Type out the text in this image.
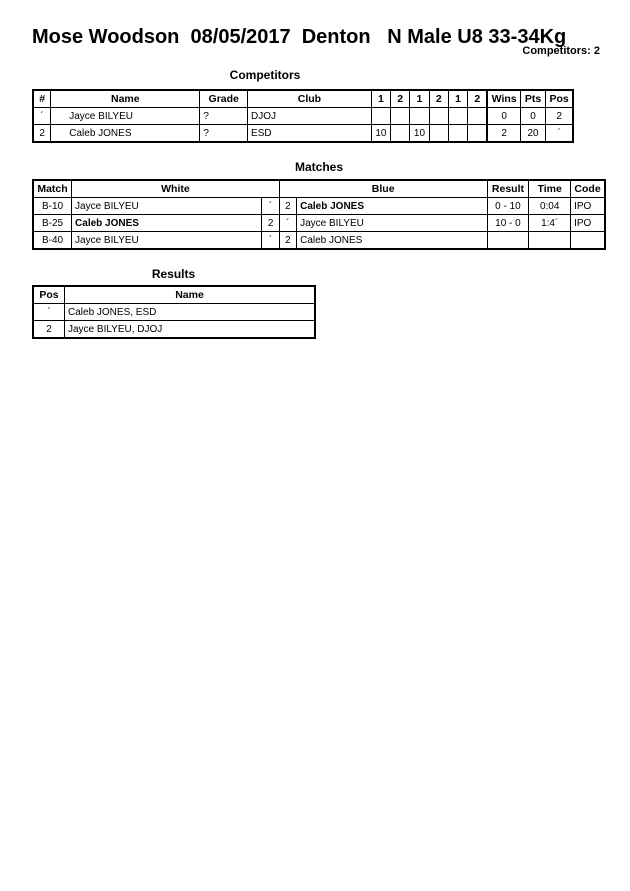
Mose Woodson  08/05/2017  Denton   N Male U8 33-34Kg
Competitors: 2
Competitors
#	Name	Grade	Club	1	2	1	2	1	2	Wins	Pts	Pos
´	Jayce BILYEU	?	DJOJ							0	0	2
2	Caleb JONES	?	ESD	10		10				2	20	´
Matches
Match	White		Blue		Result	Time	Code
B-10	Jayce BILYEU	´	2	Caleb JONES	0 - 10	0:04	IPO
B-25	Caleb JONES	2	´	Jayce BILYEU	10 - 0	1:4´	IPO
B-40	Jayce BILYEU	´	2	Caleb JONES			
Results
Pos	Name
´	Caleb JONES, ESD
2	Jayce BILYEU, DJOJ
